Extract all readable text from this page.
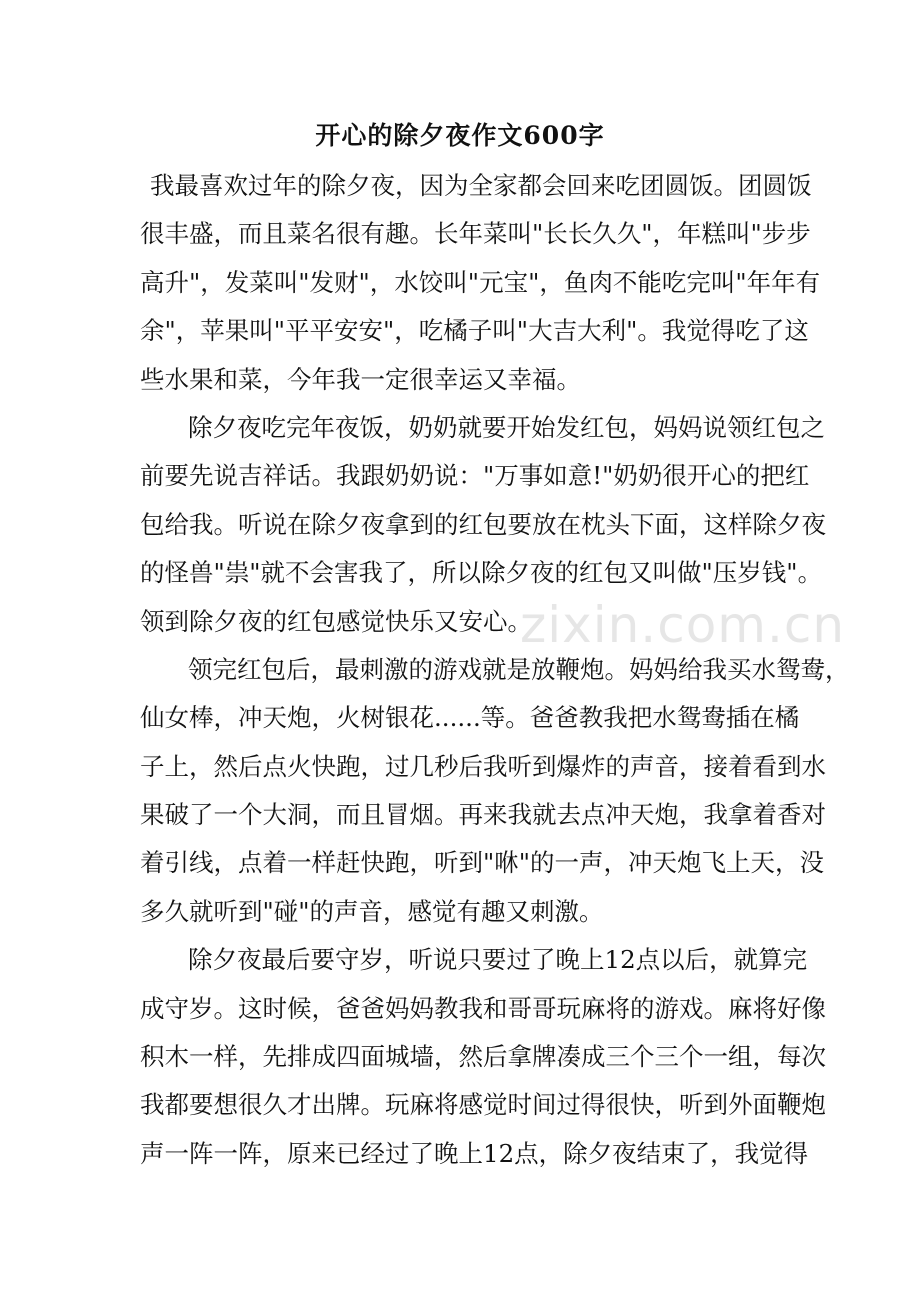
开心的除夕夜作文600字
我最喜欢过年的除夕夜，因为全家都会回来吃团圆饭。团圆饭
很丰盛，而且菜名很有趣。长年菜叫"长长久久"，年糕叫"步步
高升"，发菜叫"发财"，水饺叫"元宝"，鱼肉不能吃完叫"年年有
余"，苹果叫"平平安安"，吃橘子叫"大吉大利"。我觉得吃了这
些水果和菜，今年我一定很幸运又幸福。
除夕夜吃完年夜饭，奶奶就要开始发红包，妈妈说领红包之
前要先说吉祥话。我跟奶奶说："万事如意!"奶奶很开心的把红
包给我。听说在除夕夜拿到的红包要放在枕头下面，这样除夕夜
的怪兽"祟"就不会害我了，所以除夕夜的红包又叫做"压岁钱"。
领到除夕夜的红包感觉快乐又安心。
领完红包后，最刺激的游戏就是放鞭炮。妈妈给我买水鸳鸯，
仙女棒，冲天炮，火树银花......等。爸爸教我把水鸳鸯插在橘
子上，然后点火快跑，过几秒后我听到爆炸的声音，接着看到水
果破了一个大洞，而且冒烟。再来我就去点冲天炮，我拿着香对
着引线，点着一样赶快跑，听到"咻"的一声，冲天炮飞上天，没
多久就听到"碰"的声音，感觉有趣又刺激。
除夕夜最后要守岁，听说只要过了晚上12点以后，就算完
成守岁。这时候，爸爸妈妈教我和哥哥玩麻将的游戏。麻将好像
积木一样，先排成四面城墙，然后拿牌凑成三个三个一组，每次
我都要想很久才出牌。玩麻将感觉时间过得很快，听到外面鞭炮
声一阵一阵，原来已经过了晚上12点，除夕夜结束了，我觉得
zixin.com.cn
